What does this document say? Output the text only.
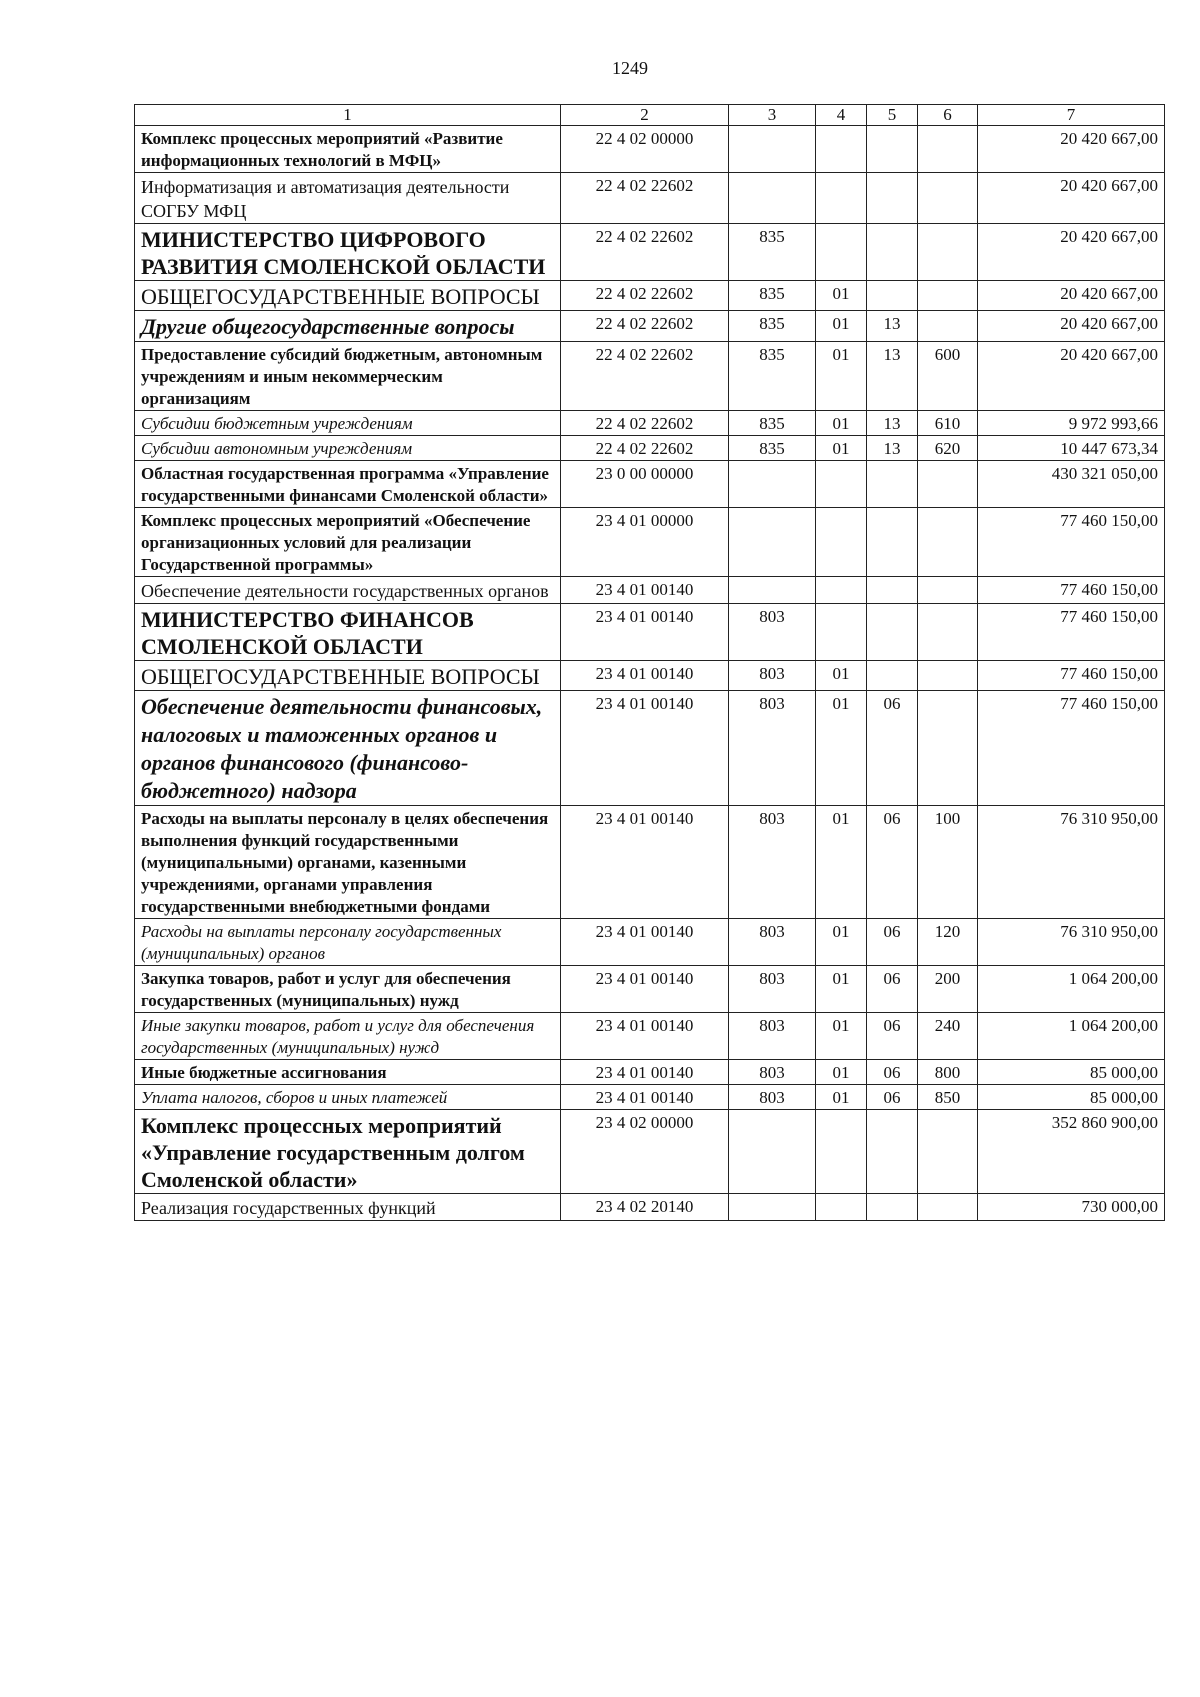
1249
1	2	3	4	5	6	7
Комплекс процессных мероприятий «Развитие информационных технологий в МФЦ»	22 4 02 00000					20 420 667,00
Информатизация и автоматизация деятельности СОГБУ МФЦ	22 4 02 22602					20 420 667,00
МИНИСТЕРСТВО ЦИФРОВОГО РАЗВИТИЯ СМОЛЕНСКОЙ ОБЛАСТИ	22 4 02 22602	835				20 420 667,00
ОБЩЕГОСУДАРСТВЕННЫЕ ВОПРОСЫ	22 4 02 22602	835	01			20 420 667,00
Другие общегосударственные вопросы	22 4 02 22602	835	01	13		20 420 667,00
Предоставление субсидий бюджетным, автономным учреждениям и иным некоммерческим организациям	22 4 02 22602	835	01	13	600	20 420 667,00
Субсидии бюджетным учреждениям	22 4 02 22602	835	01	13	610	9 972 993,66
Субсидии автономным учреждениям	22 4 02 22602	835	01	13	620	10 447 673,34
Областная государственная программа «Управление государственными финансами Смоленской области»	23 0 00 00000					430 321 050,00
Комплекс процессных мероприятий «Обеспечение организационных условий для реализации Государственной программы»	23 4 01 00000					77 460 150,00
Обеспечение деятельности государственных органов	23 4 01 00140					77 460 150,00
МИНИСТЕРСТВО ФИНАНСОВ СМОЛЕНСКОЙ ОБЛАСТИ	23 4 01 00140	803				77 460 150,00
ОБЩЕГОСУДАРСТВЕННЫЕ ВОПРОСЫ	23 4 01 00140	803	01			77 460 150,00
Обеспечение деятельности финансовых, налоговых и таможенных органов и органов финансового (финансово-бюджетного) надзора	23 4 01 00140	803	01	06		77 460 150,00
Расходы на выплаты персоналу в целях обеспечения выполнения функций государственными (муниципальными) органами, казенными учреждениями, органами управления государственными внебюджетными фондами	23 4 01 00140	803	01	06	100	76 310 950,00
Расходы на выплаты персоналу государственных (муниципальных) органов	23 4 01 00140	803	01	06	120	76 310 950,00
Закупка товаров, работ и услуг для обеспечения государственных (муниципальных) нужд	23 4 01 00140	803	01	06	200	1 064 200,00
Иные закупки товаров, работ и услуг для обеспечения государственных (муниципальных) нужд	23 4 01 00140	803	01	06	240	1 064 200,00
Иные бюджетные ассигнования	23 4 01 00140	803	01	06	800	85 000,00
Уплата налогов, сборов и иных платежей	23 4 01 00140	803	01	06	850	85 000,00
Комплекс процессных мероприятий «Управление государственным долгом Смоленской области»	23 4 02 00000					352 860 900,00
Реализация государственных функций	23 4 02 20140					730 000,00
